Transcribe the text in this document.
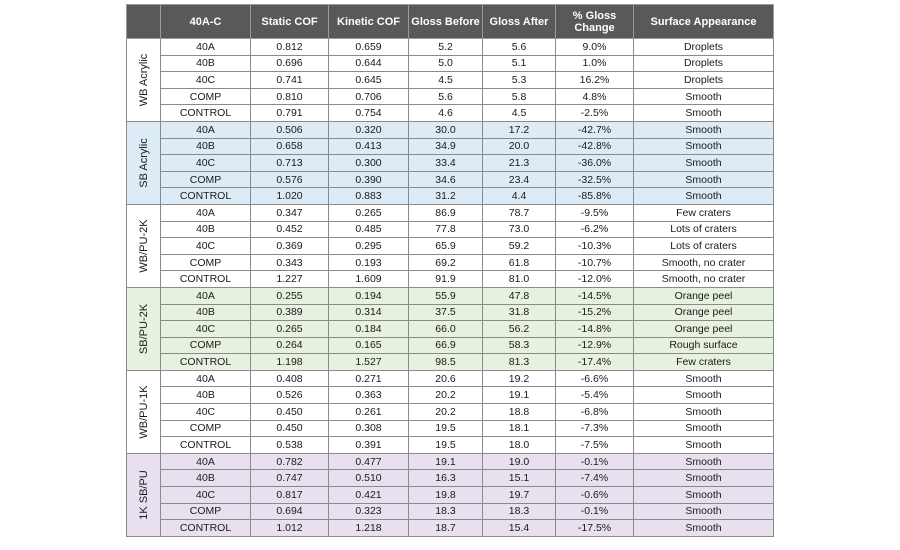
	40A-C	Static COF	Kinetic COF	Gloss Before	Gloss After	% Gloss Change	Surface Appearance

WB Acrylic	40A	0.812	0.659	5.2	5.6	9.0%	Droplets
	40B	0.696	0.644	5.0	5.1	1.0%	Droplets
	40C	0.741	0.645	4.5	5.3	16.2%	Droplets
	COMP	0.810	0.706	5.6	5.8	4.8%	Smooth
	CONTROL	0.791	0.754	4.6	4.5	-2.5%	Smooth

SB Acrylic	40A	0.506	0.320	30.0	17.2	-42.7%	Smooth
	40B	0.658	0.413	34.9	20.0	-42.8%	Smooth
	40C	0.713	0.300	33.4	21.3	-36.0%	Smooth
	COMP	0.576	0.390	34.6	23.4	-32.5%	Smooth
	CONTROL	1.020	0.883	31.2	4.4	-85.8%	Smooth

WB/PU-2K	40A	0.347	0.265	86.9	78.7	-9.5%	Few craters
	40B	0.452	0.485	77.8	73.0	-6.2%	Lots of craters
	40C	0.369	0.295	65.9	59.2	-10.3%	Lots of craters
	COMP	0.343	0.193	69.2	61.8	-10.7%	Smooth, no crater
	CONTROL	1.227	1.609	91.9	81.0	-12.0%	Smooth, no crater

SB/PU-2K	40A	0.255	0.194	55.9	47.8	-14.5%	Orange peel
	40B	0.389	0.314	37.5	31.8	-15.2%	Orange peel
	40C	0.265	0.184	66.0	56.2	-14.8%	Orange peel
	COMP	0.264	0.165	66.9	58.3	-12.9%	Rough surface
	CONTROL	1.198	1.527	98.5	81.3	-17.4%	Few craters

WB/PU-1K	40A	0.408	0.271	20.6	19.2	-6.6%	Smooth
	40B	0.526	0.363	20.2	19.1	-5.4%	Smooth
	40C	0.450	0.261	20.2	18.8	-6.8%	Smooth
	COMP	0.450	0.308	19.5	18.1	-7.3%	Smooth
	CONTROL	0.538	0.391	19.5	18.0	-7.5%	Smooth

1K SB/PU	40A	0.782	0.477	19.1	19.0	-0.1%	Smooth
	40B	0.747	0.510	16.3	15.1	-7.4%	Smooth
	40C	0.817	0.421	19.8	19.7	-0.6%	Smooth
	COMP	0.694	0.323	18.3	18.3	-0.1%	Smooth
	CONTROL	1.012	1.218	18.7	15.4	-17.5%	Smooth
